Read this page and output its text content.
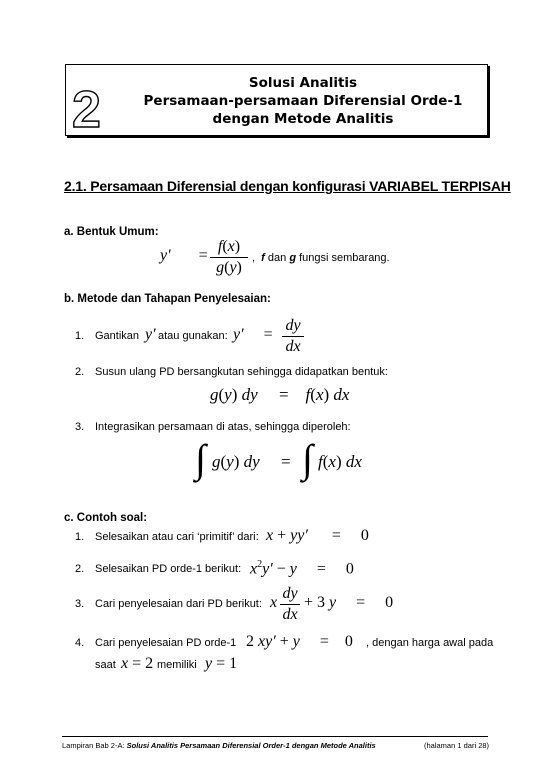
2	Solusi Analitis
Persamaan-persamaan Diferensial Orde-1
dengan Metode Analitis
2.1. Persamaan Diferensial dengan konfigurasi VARIABEL TERPISAH
a. Bentuk Umum:
y′       =
f(x)
g(y)
,  f dan g fungsi sembarang.
b. Metode dan Tahapan Penyelesaian:
1. Gantikan y′ atau gunakan: y′     =
dy
dx
2. Susun ulang PD bersangkutan sehingga didapatkan bentuk:
g(y) dy     =    f(x) dx
3. Integrasikan persamaan di atas, sehingga diperoleh:
∫ g(y) dy     = ∫ f(x) dx
c. Contoh soal:
1. Selesaikan atau cari ‘primitif’ dari: x + yy′      = 0
2. Selesaikan PD orde-1 berikut: $x^2y' - y$     = 0
3. Cari penyelesaian dari PD berikut: x
dy
dx
+ 3 y     = 0
4. Cari penyelesaian PD orde-1 2 xy′ + y     = 0 , dengan harga awal pada
saat x = 2 memiliki y = 1
Lampiran Bab 2-A: Solusi Analitis Persamaan Diferensial Order-1 dengan Metode Analitis	(halaman 1 dari 28)
